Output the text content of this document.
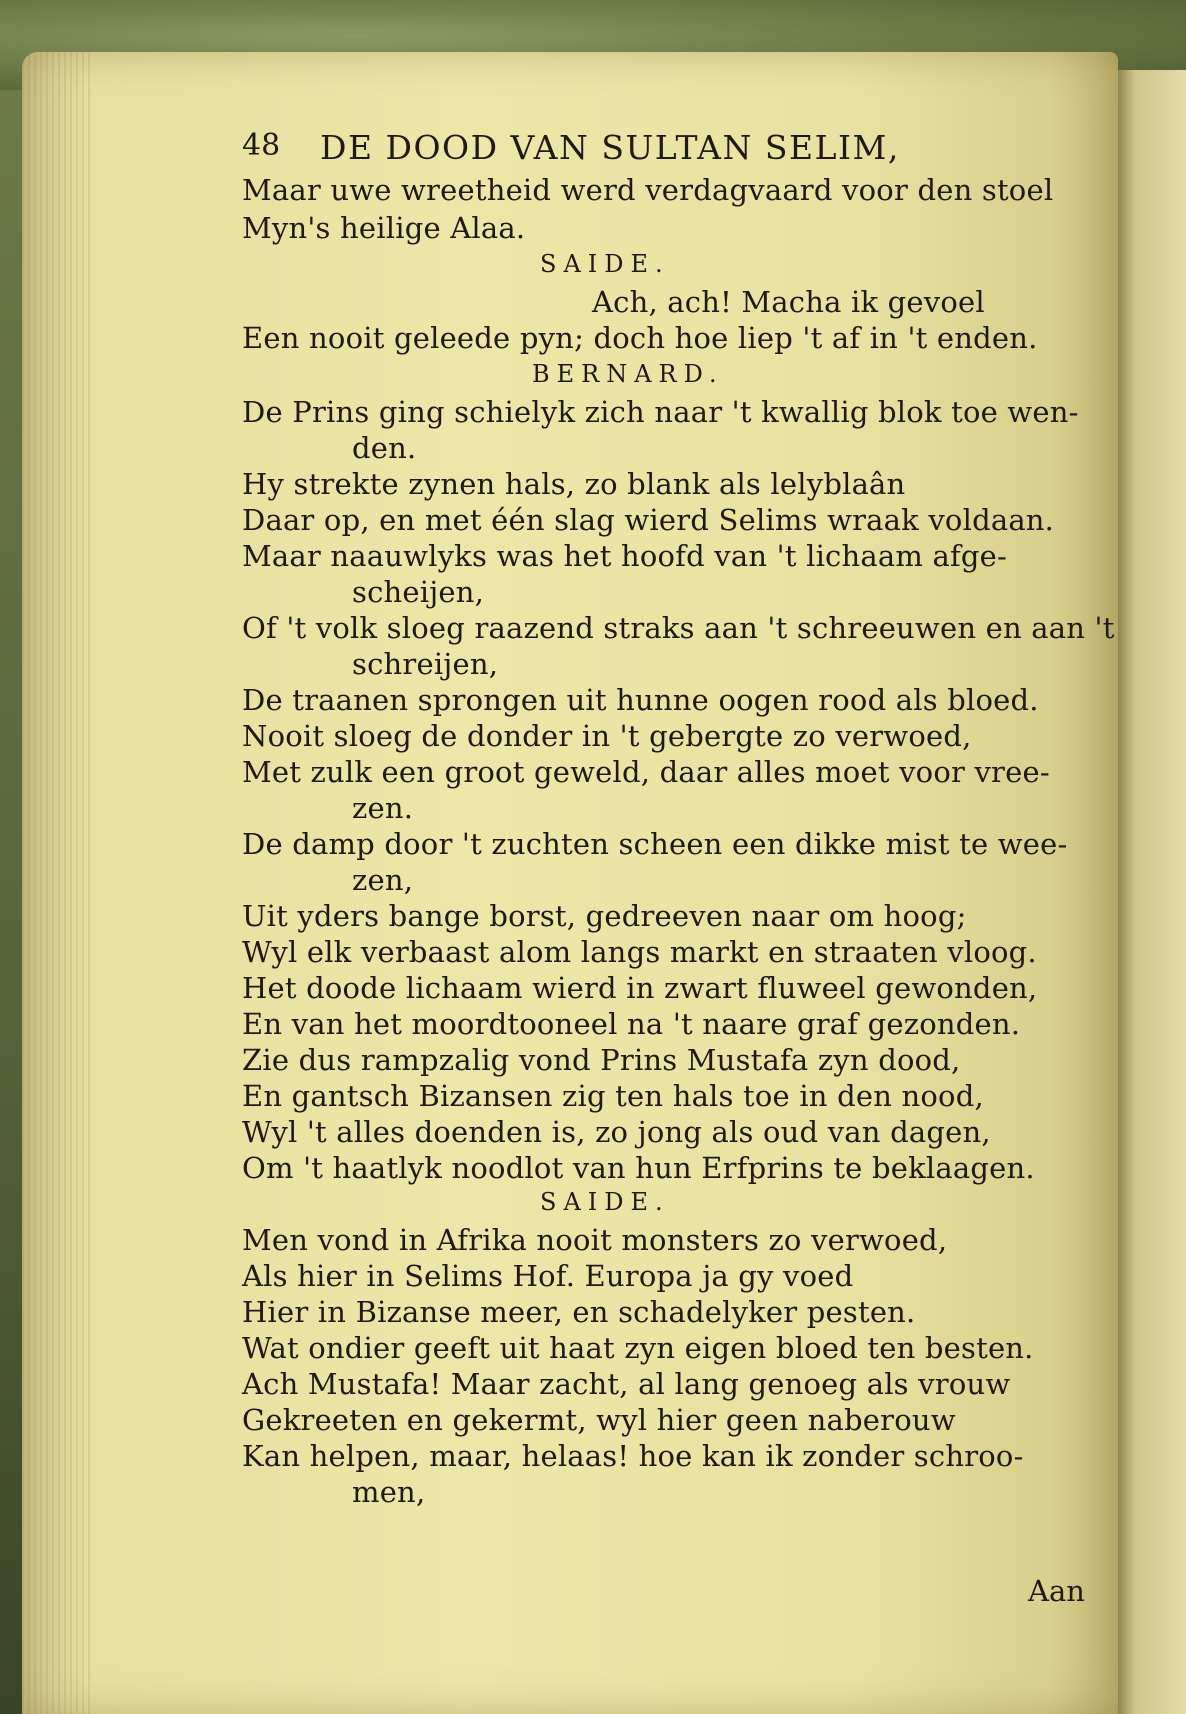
48 DE DOOD VAN SULTAN SELIM,
Maar uwe wreetheid werd verdagvaard voor den stoel
Myn's heilige Alaa.
SAIDE.
Ach, ach! Macha ik gevoel
Een nooit geleede pyn; doch hoe liep 't af in 't enden.
BERNARD.
De Prins ging schielyk zich naar 't kwallig blok toe wen-
den.
Hy strekte zynen hals, zo blank als lelyblaân
Daar op, en met één slag wierd Selims wraak voldaan.
Maar naauwlyks was het hoofd van 't lichaam afge-
scheijen,
Of 't volk sloeg raazend straks aan 't schreeuwen en aan 't
schreijen,
De traanen sprongen uit hunne oogen rood als bloed.
Nooit sloeg de donder in 't gebergte zo verwoed,
Met zulk een groot geweld, daar alles moet voor vree-
zen.
De damp door 't zuchten scheen een dikke mist te wee-
zen,
Uit yders bange borst, gedreeven naar om hoog;
Wyl elk verbaast alom langs markt en straaten vloog.
Het doode lichaam wierd in zwart fluweel gewonden,
En van het moordtooneel na 't naare graf gezonden.
Zie dus rampzalig vond Prins Mustafa zyn dood,
En gantsch Bizansen zig ten hals toe in den nood,
Wyl 't alles doenden is, zo jong als oud van dagen,
Om 't haatlyk noodlot van hun Erfprins te beklaagen.
SAIDE.
Men vond in Afrika nooit monsters zo verwoed,
Als hier in Selims Hof. Europa ja gy voed
Hier in Bizanse meer, en schadelyker pesten.
Wat ondier geeft uit haat zyn eigen bloed ten besten.
Ach Mustafa! Maar zacht, al lang genoeg als vrouw
Gekreeten en gekermt, wyl hier geen naberouw
Kan helpen, maar, helaas! hoe kan ik zonder schroo-
men,
Aan
